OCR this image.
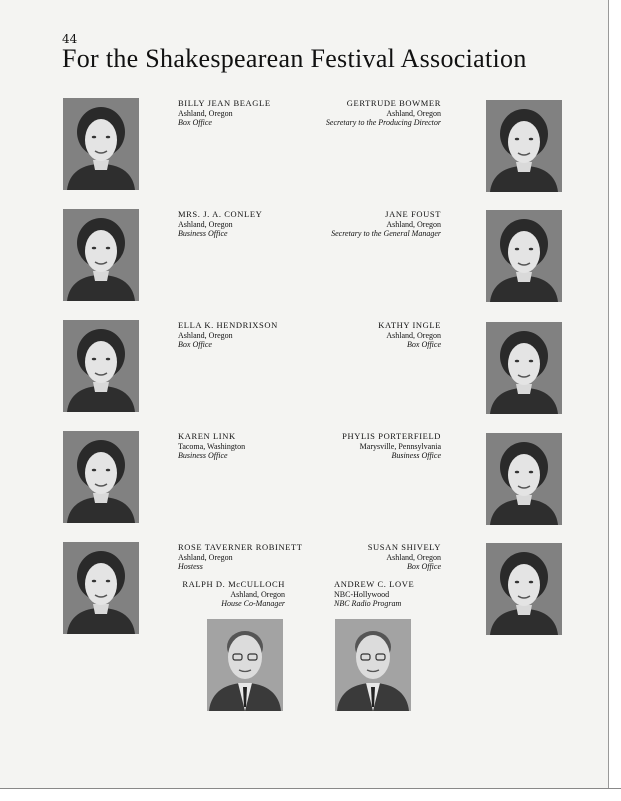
44
For the Shakespearean Festival Association
BILLY JEAN BEAGLE
Ashland, Oregon
Box Office
GERTRUDE BOWMER
Ashland, Oregon
Secretary to the Producing Director
MRS. J. A. CONLEY
Ashland, Oregon
Business Office
JANE FOUST
Ashland, Oregon
Secretary to the General Manager
ELLA K. HENDRIXSON
Ashland, Oregon
Box Office
KATHY INGLE
Ashland, Oregon
Box Office
KAREN LINK
Tacoma, Washington
Business Office
PHYLIS PORTERFIELD
Marysville, Pennsylvania
Business Office
ROSE TAVERNER ROBINETT
Ashland, Oregon
Hostess
SUSAN SHIVELY
Ashland, Oregon
Box Office
RALPH D. McCULLOCH
Ashland, Oregon
House Co-Manager
ANDREW C. LOVE
NBC-Hollywood
NBC Radio Program
